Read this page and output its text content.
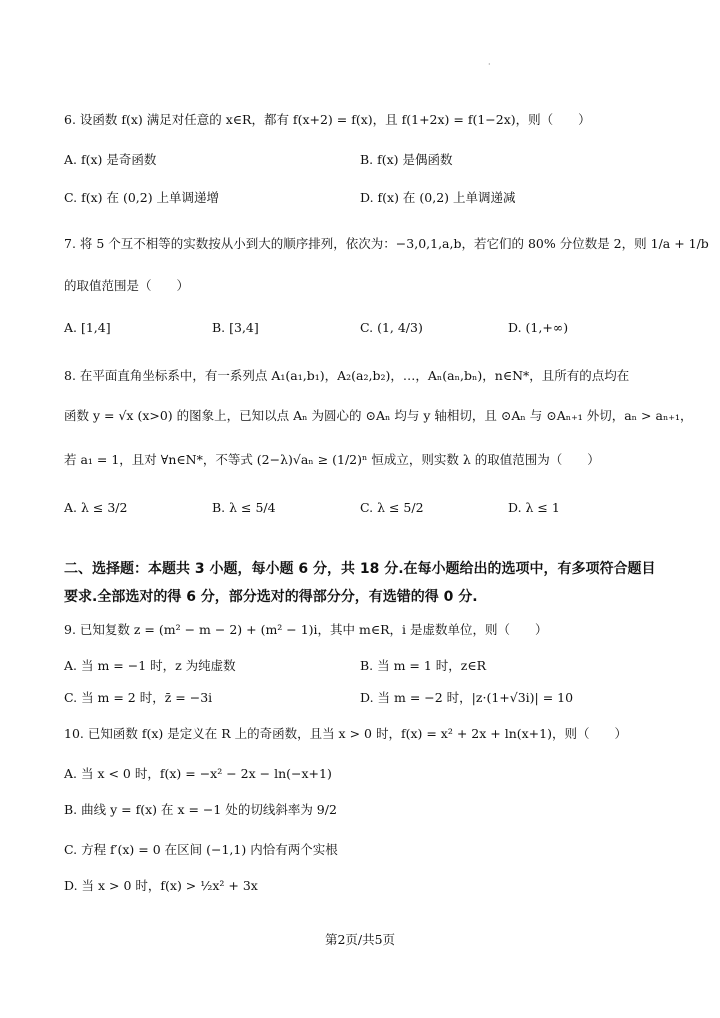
·
6. 设函数 f(x) 满足对任意的 x∈R，都有 f(x+2) = f(x)，且 f(1+2x) = f(1−2x)，则（　　）
A. f(x) 是奇函数	B. f(x) 是偶函数
C. f(x) 在 (0,2) 上单调递增	D. f(x) 在 (0,2) 上单调递减
7. 将 5 个互不相等的实数按从小到大的顺序排列，依次为：−3,0,1,a,b，若它们的 80% 分位数是 2，则 1/a + 1/b
的取值范围是（　　）
A. [1,4]	B. [3,4]	C. (1, 4/3)	D. (1,+∞)
8. 在平面直角坐标系中，有一系列点 A₁(a₁,b₁)，A₂(a₂,b₂)，…，Aₙ(aₙ,bₙ)，n∈N*，且所有的点均在
函数 y = √x (x>0) 的图象上，已知以点 Aₙ 为圆心的 ⊙Aₙ 均与 y 轴相切，且 ⊙Aₙ 与 ⊙Aₙ₊₁ 外切，aₙ > aₙ₊₁，
若 a₁ = 1，且对 ∀n∈N*，不等式 (2−λ)√aₙ ≥ (1/2)ⁿ 恒成立，则实数 λ 的取值范围为（　　）
A. λ ≤ 3/2	B. λ ≤ 5/4	C. λ ≤ 5/2	D. λ ≤ 1
二、选择题：本题共 3 小题，每小题 6 分，共 18 分.在每小题给出的选项中，有多项符合题目
要求.全部选对的得 6 分，部分选对的得部分分，有选错的得 0 分.
9. 已知复数 z = (m² − m − 2) + (m² − 1)i，其中 m∈R，i 是虚数单位，则（　　）
A. 当 m = −1 时，z 为纯虚数	B. 当 m = 1 时，z∈R
C. 当 m = 2 时，z̄ = −3i	D. 当 m = −2 时，|z·(1+√3i)| = 10
10. 已知函数 f(x) 是定义在 R 上的奇函数，且当 x > 0 时，f(x) = x² + 2x + ln(x+1)，则（　　）
A. 当 x < 0 时，f(x) = −x² − 2x − ln(−x+1)
B. 曲线 y = f(x) 在 x = −1 处的切线斜率为 9/2
C. 方程 f′(x) = 0 在区间 (−1,1) 内恰有两个实根
D. 当 x > 0 时，f(x) > ½x² + 3x
第2页/共5页
